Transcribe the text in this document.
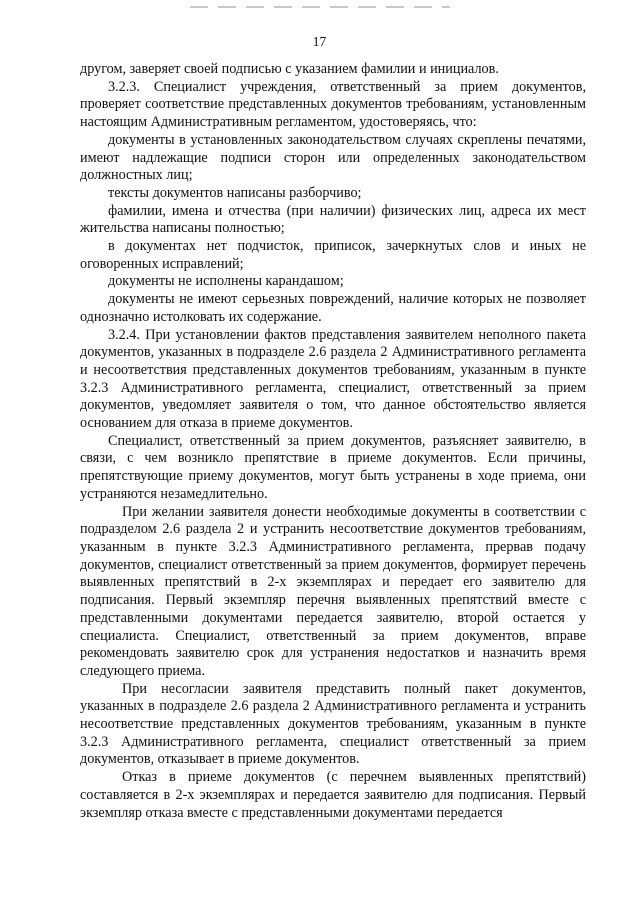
17

другом, заверяет своей подписью с указанием фамилии и инициалов.

3.2.3. Специалист учреждения, ответственный за прием документов, проверяет соответствие представленных документов требованиям, установленным настоящим Административным регламентом, удостоверяясь, что:

документы в установленных законодательством случаях скреплены печатями, имеют надлежащие подписи сторон или определенных законодательством должностных лиц;

тексты документов написаны разборчиво;

фамилии, имена и отчества (при наличии) физических лиц, адреса их мест жительства написаны полностью;

в документах нет подчисток, приписок, зачеркнутых слов и иных не оговоренных исправлений;

документы не исполнены карандашом;

документы не имеют серьезных повреждений, наличие которых не позволяет однозначно истолковать их содержание.

3.2.4. При установлении фактов представления заявителем неполного пакета документов, указанных в подразделе 2.6 раздела 2 Административного регламента и несоответствия представленных документов требованиям, указанным в пункте 3.2.3 Административного регламента, специалист, ответственный за прием документов, уведомляет заявителя о том, что данное обстоятельство является основанием для отказа в приеме документов.

Специалист, ответственный за прием документов, разъясняет заявителю, в связи, с чем возникло препятствие в приеме документов. Если причины, препятствующие приему документов, могут быть устранены в ходе приема, они устраняются незамедлительно.

При желании заявителя донести необходимые документы в соответствии с подразделом 2.6 раздела 2 и устранить несоответствие документов требованиям, указанным в пункте 3.2.3 Административного регламента, прервав подачу документов, специалист ответственный за прием документов, формирует перечень выявленных препятствий в 2-х экземплярах и передает его заявителю для подписания. Первый экземпляр перечня выявленных препятствий вместе с представленными документами передается заявителю, второй остается у специалиста. Специалист, ответственный за прием документов, вправе рекомендовать заявителю срок для устранения недостатков и назначить время следующего приема.

При несогласии заявителя представить полный пакет документов, указанных в подразделе 2.6 раздела 2 Административного регламента и устранить несоответствие представленных документов требованиям, указанным в пункте 3.2.3 Административного регламента, специалист ответственный за прием документов, отказывает в приеме документов.

Отказ в приеме документов (с перечнем выявленных препятствий) составляется в 2-х экземплярах и передается заявителю для подписания. Первый экземпляр отказа вместе с представленными документами передается
